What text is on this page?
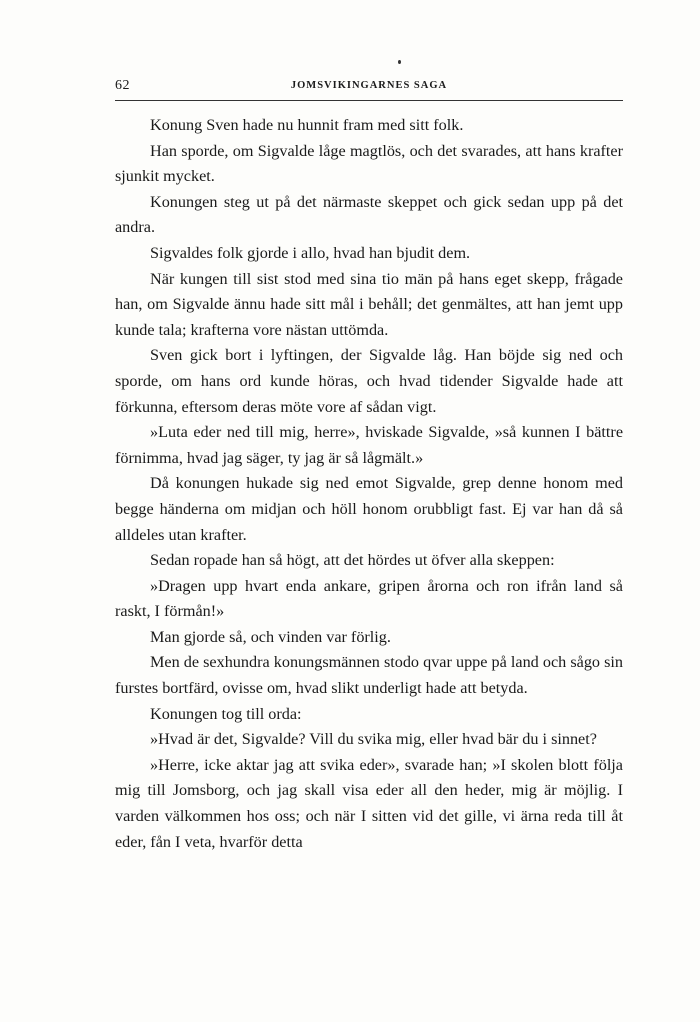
62	JOMSVIKINGARNES SAGA

Konung Sven hade nu hunnit fram med sitt folk.

Han sporde, om Sigvalde låge magtlös, och det svarades, att hans krafter sjunkit mycket.

Konungen steg ut på det närmaste skeppet och gick sedan upp på det andra.

Sigvaldes folk gjorde i allo, hvad han bjudit dem.

När kungen till sist stod med sina tio män på hans eget skepp, frågade han, om Sigvalde ännu hade sitt mål i behåll; det genmältes, att han jemt upp kunde tala; krafterna vore nästan uttömda.

Sven gick bort i lyftingen, der Sigvalde låg. Han böjde sig ned och sporde, om hans ord kunde höras, och hvad tidender Sigvalde hade att förkunna, eftersom deras möte vore af sådan vigt.

»Luta eder ned till mig, herre», hviskade Sigvalde, »så kunnen I bättre förnimma, hvad jag säger, ty jag är så lågmält.»

Då konungen hukade sig ned emot Sigvalde, grep denne honom med begge händerna om midjan och höll honom orubbligt fast. Ej var han då så alldeles utan krafter.

Sedan ropade han så högt, att det hördes ut öfver alla skeppen:

»Dragen upp hvart enda ankare, gripen årorna och ron ifrån land så raskt, I förmån!»

Man gjorde så, och vinden var förlig.

Men de sexhundra konungsmännen stodo qvar uppe på land och sågo sin furstes bortfärd, ovisse om, hvad slikt underligt hade att betyda.

Konungen tog till orda:

»Hvad är det, Sigvalde? Vill du svika mig, eller hvad bär du i sinnet?

»Herre, icke aktar jag att svika eder», svarade han; »I skolen blott följa mig till Jomsborg, och jag skall visa eder all den heder, mig är möjlig. I varden välkommen hos oss; och när I sitten vid det gille, vi ärna reda till åt eder, fån I veta, hvarför detta
